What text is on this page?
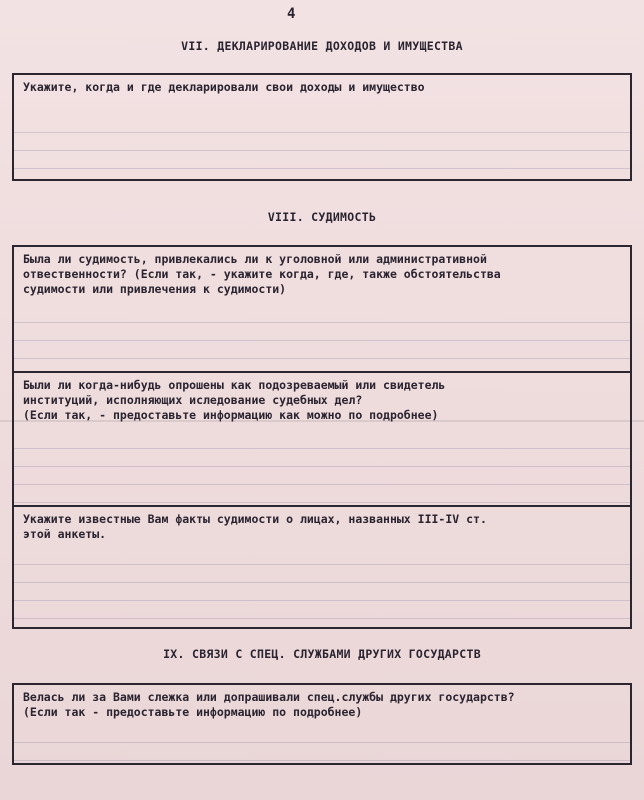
4
VII. ДЕКЛАРИРОВАНИЕ ДОХОДОВ И ИМУЩЕСТВА
Укажите, когда и где декларировали свои доходы и имущество
VIII. СУДИМОСТЬ
Была ли судимость, привлекались ли к уголовной или административной
отвественности? (Если так, - укажите когда, где, также обстоятельства
судимости или привлечения к судимости)
Были ли когда-нибудь опрошены как подозреваемый или свидетель
институций, исполняющих иследование судебных дел?
(Если так, - предоставьте информацию как можно по подробнее)
Укажите известные Вам факты судимости о лицах, названных III-IV ст.
этой анкеты.
IX. СВЯЗИ С СПЕЦ. СЛУЖБАМИ ДРУГИХ ГОСУДАРСТВ
Велась ли за Вами слежка или допрашивали спец.службы других государств?
(Если так - предоставьте информацию по подробнее)
